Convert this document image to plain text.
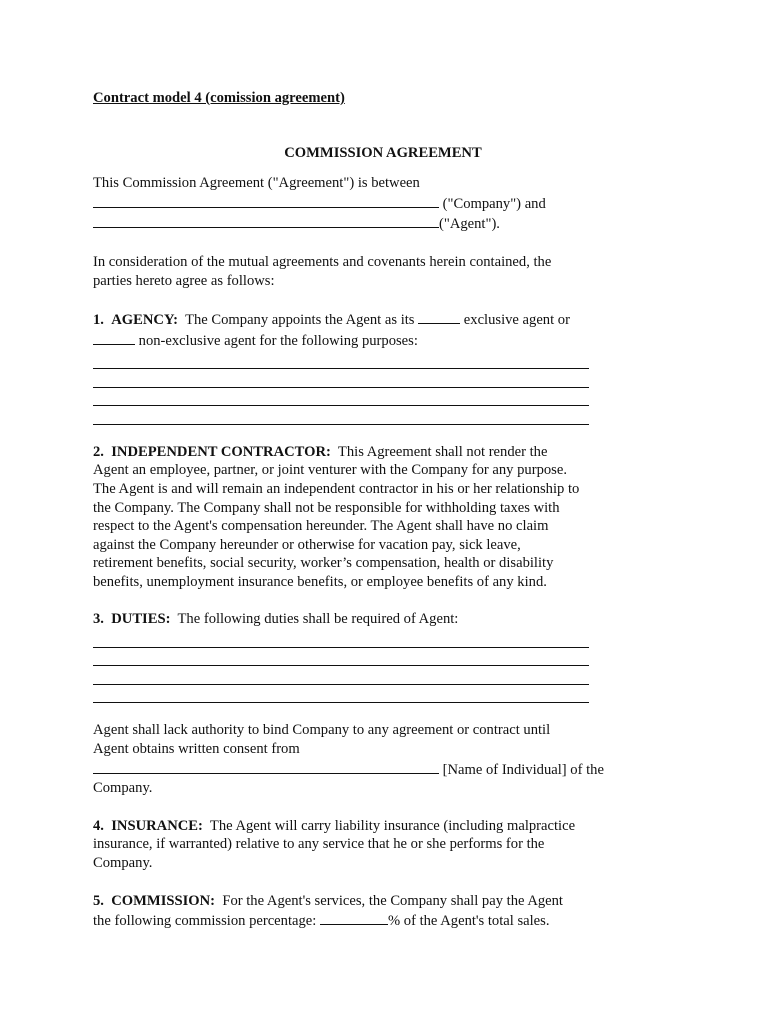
Contract model 4 (comission agreement)

COMMISSION AGREEMENT

This Commission Agreement ("Agreement") is between

("Company") and

("Agent").

In consideration of the mutual agreements and covenants herein contained, the

parties hereto agree as follows:

1. AGENCY: The Company appoints the Agent as its	exclusive agent or

non-exclusive agent for the following purposes:

2. INDEPENDENT CONTRACTOR: This Agreement shall not render the

Agent an employee, partner, or joint venturer with the Company for any purpose.

The Agent is and will remain an independent contractor in his or her relationship to

the Company. The Company shall not be responsible for withholding taxes with

respect to the Agent's compensation hereunder. The Agent shall have no claim

against the Company hereunder or otherwise for vacation pay, sick leave,

retirement benefits, social security, worker’s compensation, health or disability

benefits, unemployment insurance benefits, or employee benefits of any kind.

3. DUTIES: The following duties shall be required of Agent:

Agent shall lack authority to bind Company to any agreement or contract until

Agent obtains written consent from

[Name of Individual] of the

Company.

4. INSURANCE: The Agent will carry liability insurance (including malpractice

insurance, if warranted) relative to any service that he or she performs for the

Company.

5. COMMISSION: For the Agent's services, the Company shall pay the Agent

the following commission percentage:	% of the Agent's total sales.
